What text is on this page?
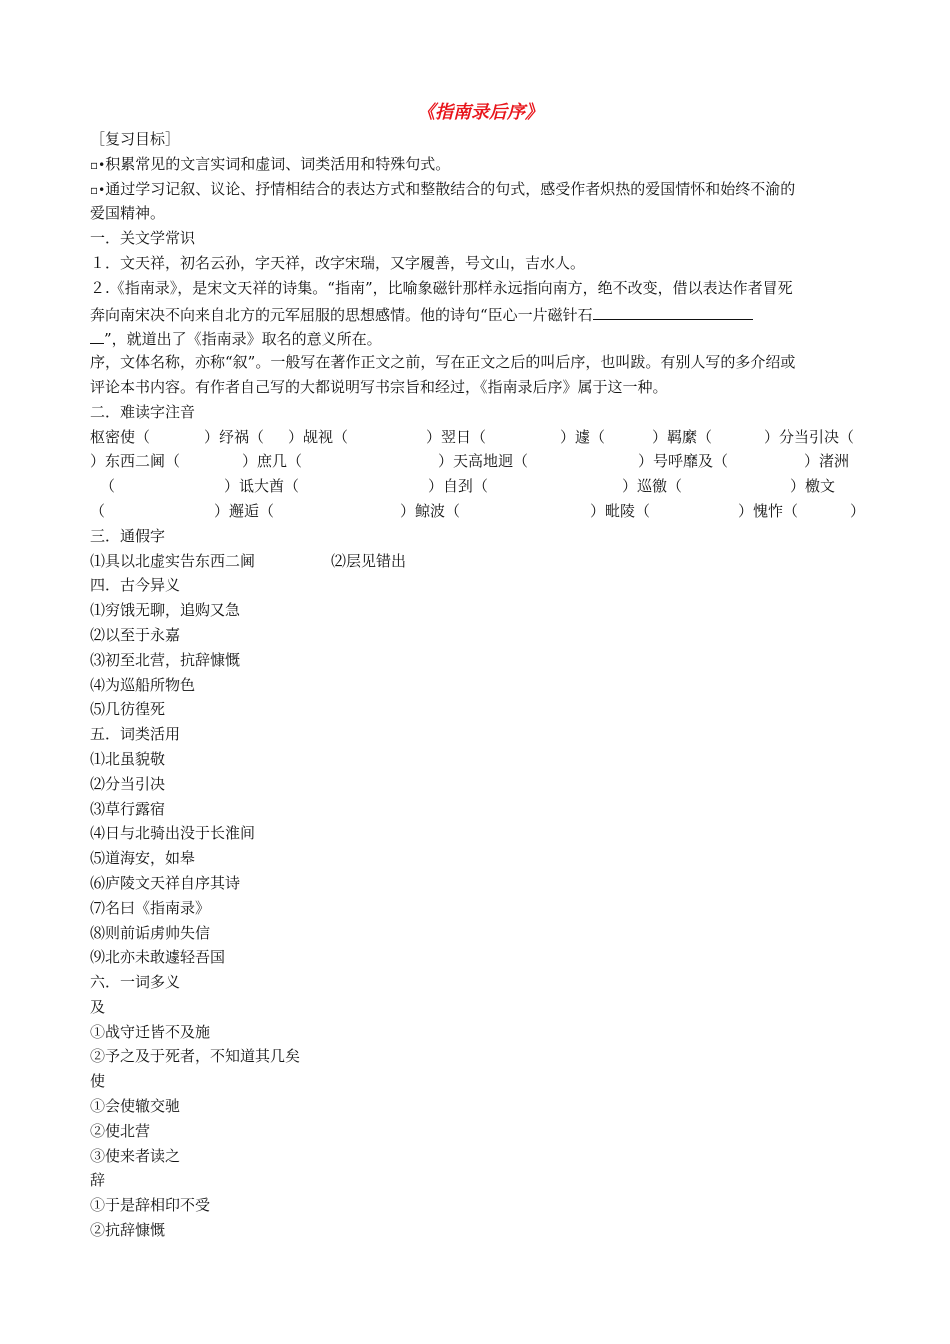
《指南录后序》
［复习目标］
▫•积累常见的文言实词和虚词、词类活用和特殊句式。
▫•通过学习记叙、议论、抒情相结合的表达方式和整散结合的句式，感受作者炽热的爱国情怀和始终不渝的
爱国精神。
一．关文学常识
１．文天祥，初名云孙，字天祥，改字宋瑞，又字履善，号文山，吉水人。
２.《指南录》，是宋文天祥的诗集。“指南”，比喻象磁针那样永远指向南方，绝不改变，借以表达作者冒死
奔向南宋决不向来自北方的元军屈服的思想感情。他的诗句“臣心一片磁针石
”，就道出了《指南录》取名的意义所在。
序，文体名称，亦称“叙”。一般写在著作正文之前，写在正文之后的叫后序，也叫跋。有别人写的多介绍或
评论本书内容。有作者自己写的大都说明写书宗旨和经过，《指南录后序》属于这一种。
二．难读字注音
枢密使（	）纾祸（ ）觇视（	）翌日（	）遽（	）羁縻（	）分当引决（
）东西二阃（	）庶几（	）天高地迥（	）号呼靡及（	）渚洲
（	）诋大酋（	）自刭（	）巡徼（	）檄文
（	）邂逅（	）鲸波（	）毗陵（	）愧怍（	）
三．通假字
⑴具以北虚实告东西二阃	⑵层见错出
四．古今异义
⑴穷饿无聊，追购又急
⑵以至于永嘉
⑶初至北营，抗辞慷慨
⑷为巡船所物色
⑸几彷徨死
五．词类活用
⑴北虽貌敬
⑵分当引决
⑶草行露宿
⑷日与北骑出没于长淮间
⑸道海安，如皋
⑹庐陵文天祥自序其诗
⑺名曰《指南录》
⑻则前诟虏帅失信
⑼北亦未敢遽轻吾国
六．一词多义
及
①战守迁皆不及施
②予之及于死者，不知道其几矣
使
①会使辙交驰
②使北营
③使来者读之
辞
①于是辞相印不受
②抗辞慷慨
